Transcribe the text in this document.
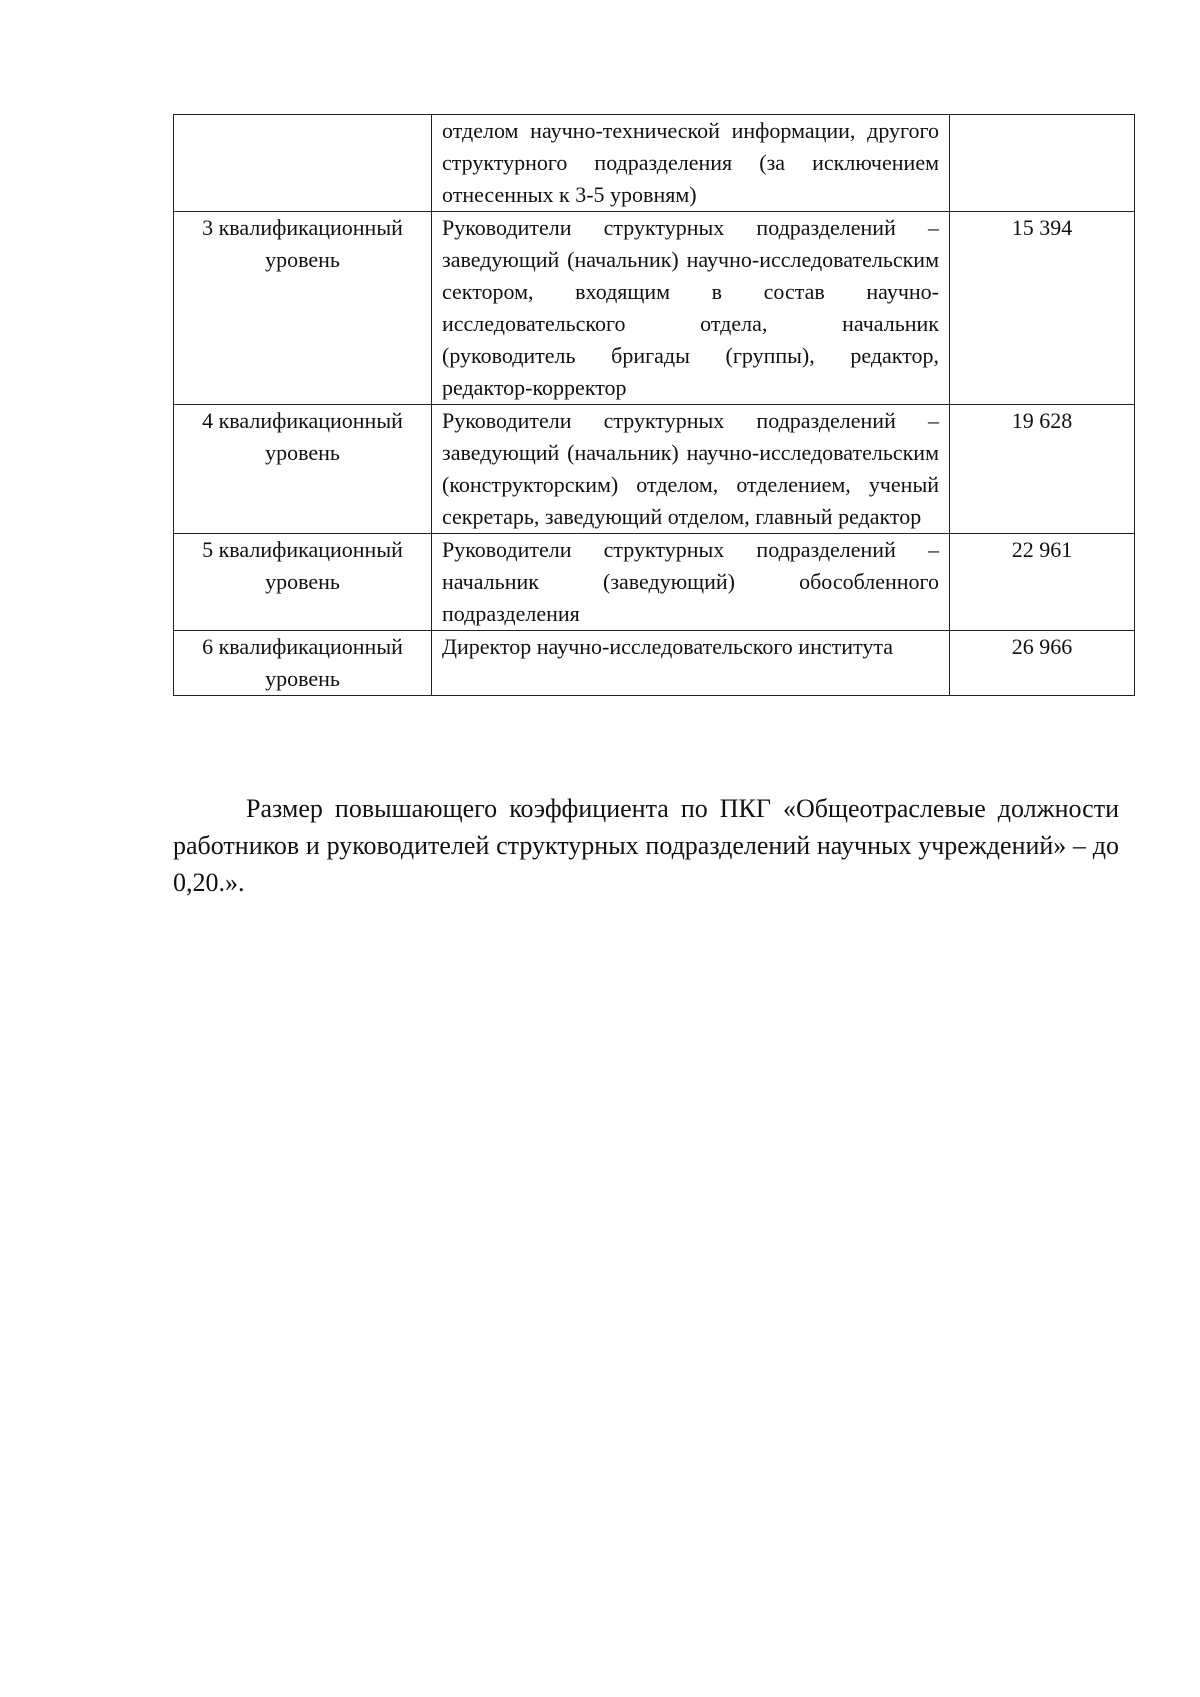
	отделом научно-технической информации, другого структурного подразделения (за исключением отнесенных к 3-5 уровням)	
3 квалификационный уровень	Руководители структурных подразделений – заведующий (начальник) научно-исследовательским сектором, входящим в состав научно-исследовательского отдела, начальник (руководитель бригады (группы), редактор, редактор-корректор	15 394
4 квалификационный уровень	Руководители структурных подразделений – заведующий (начальник) научно-исследовательским (конструкторским) отделом, отделением, ученый секретарь, заведующий отделом, главный редактор	19 628
5 квалификационный уровень	Руководители структурных подразделений – начальник (заведующий) обособленного подразделения	22 961
6 квалификационный уровень	Директор научно-исследовательского института	26 966

Размер повышающего коэффициента по ПКГ «Общеотраслевые должности работников и руководителей структурных подразделений научных учреждений» – до 0,20.».
